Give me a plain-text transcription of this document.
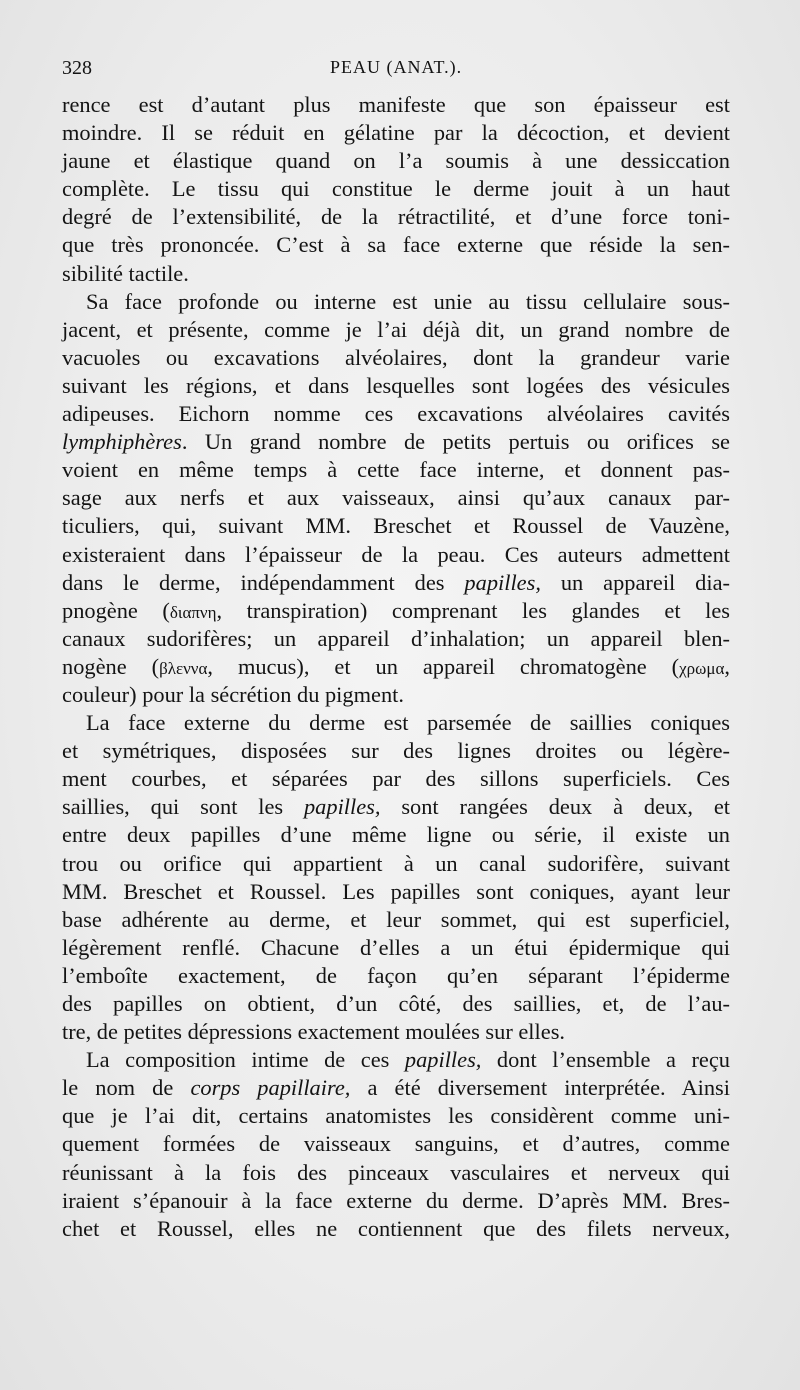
328	PEAU (ANAT.).
rence est d’autant plus manifeste que son épaisseur est
moindre. Il se réduit en gélatine par la décoction, et devient
jaune et élastique quand on l’a soumis à une dessiccation
complète. Le tissu qui constitue le derme jouit à un haut
degré de l’extensibilité, de la rétractilité, et d’une force toni-
que très prononcée. C’est à sa face externe que réside la sen-
sibilité tactile.
Sa face profonde ou interne est unie au tissu cellulaire sous-
jacent, et présente, comme je l’ai déjà dit, un grand nombre de
vacuoles ou excavations alvéolaires, dont la grandeur varie
suivant les régions, et dans lesquelles sont logées des vésicules
adipeuses. Eichorn nomme ces excavations alvéolaires cavités
lymphiphères. Un grand nombre de petits pertuis ou orifices se
voient en même temps à cette face interne, et donnent pas-
sage aux nerfs et aux vaisseaux, ainsi qu’aux canaux par-
ticuliers, qui, suivant MM. Breschet et Roussel de Vauzène,
existeraient dans l’épaisseur de la peau. Ces auteurs admettent
dans le derme, indépendamment des papilles, un appareil dia-
pnogène (διαπνη, transpiration) comprenant les glandes et les
canaux sudorifères; un appareil d’inhalation; un appareil blen-
nogène (βλεννα, mucus), et un appareil chromatogène (χρωμα,
couleur) pour la sécrétion du pigment.
La face externe du derme est parsemée de saillies coniques
et symétriques, disposées sur des lignes droites ou légère-
ment courbes, et séparées par des sillons superficiels. Ces
saillies, qui sont les papilles, sont rangées deux à deux, et
entre deux papilles d’une même ligne ou série, il existe un
trou ou orifice qui appartient à un canal sudorifère, suivant
MM. Breschet et Roussel. Les papilles sont coniques, ayant leur
base adhérente au derme, et leur sommet, qui est superficiel,
légèrement renflé. Chacune d’elles a un étui épidermique qui
l’emboîte exactement, de façon qu’en séparant l’épiderme
des papilles on obtient, d’un côté, des saillies, et, de l’au-
tre, de petites dépressions exactement moulées sur elles.
La composition intime de ces papilles, dont l’ensemble a reçu
le nom de corps papillaire, a été diversement interprétée. Ainsi
que je l’ai dit, certains anatomistes les considèrent comme uni-
quement formées de vaisseaux sanguins, et d’autres, comme
réunissant à la fois des pinceaux vasculaires et nerveux qui
iraient s’épanouir à la face externe du derme. D’après MM. Bres-
chet et Roussel, elles ne contiennent que des filets nerveux,
